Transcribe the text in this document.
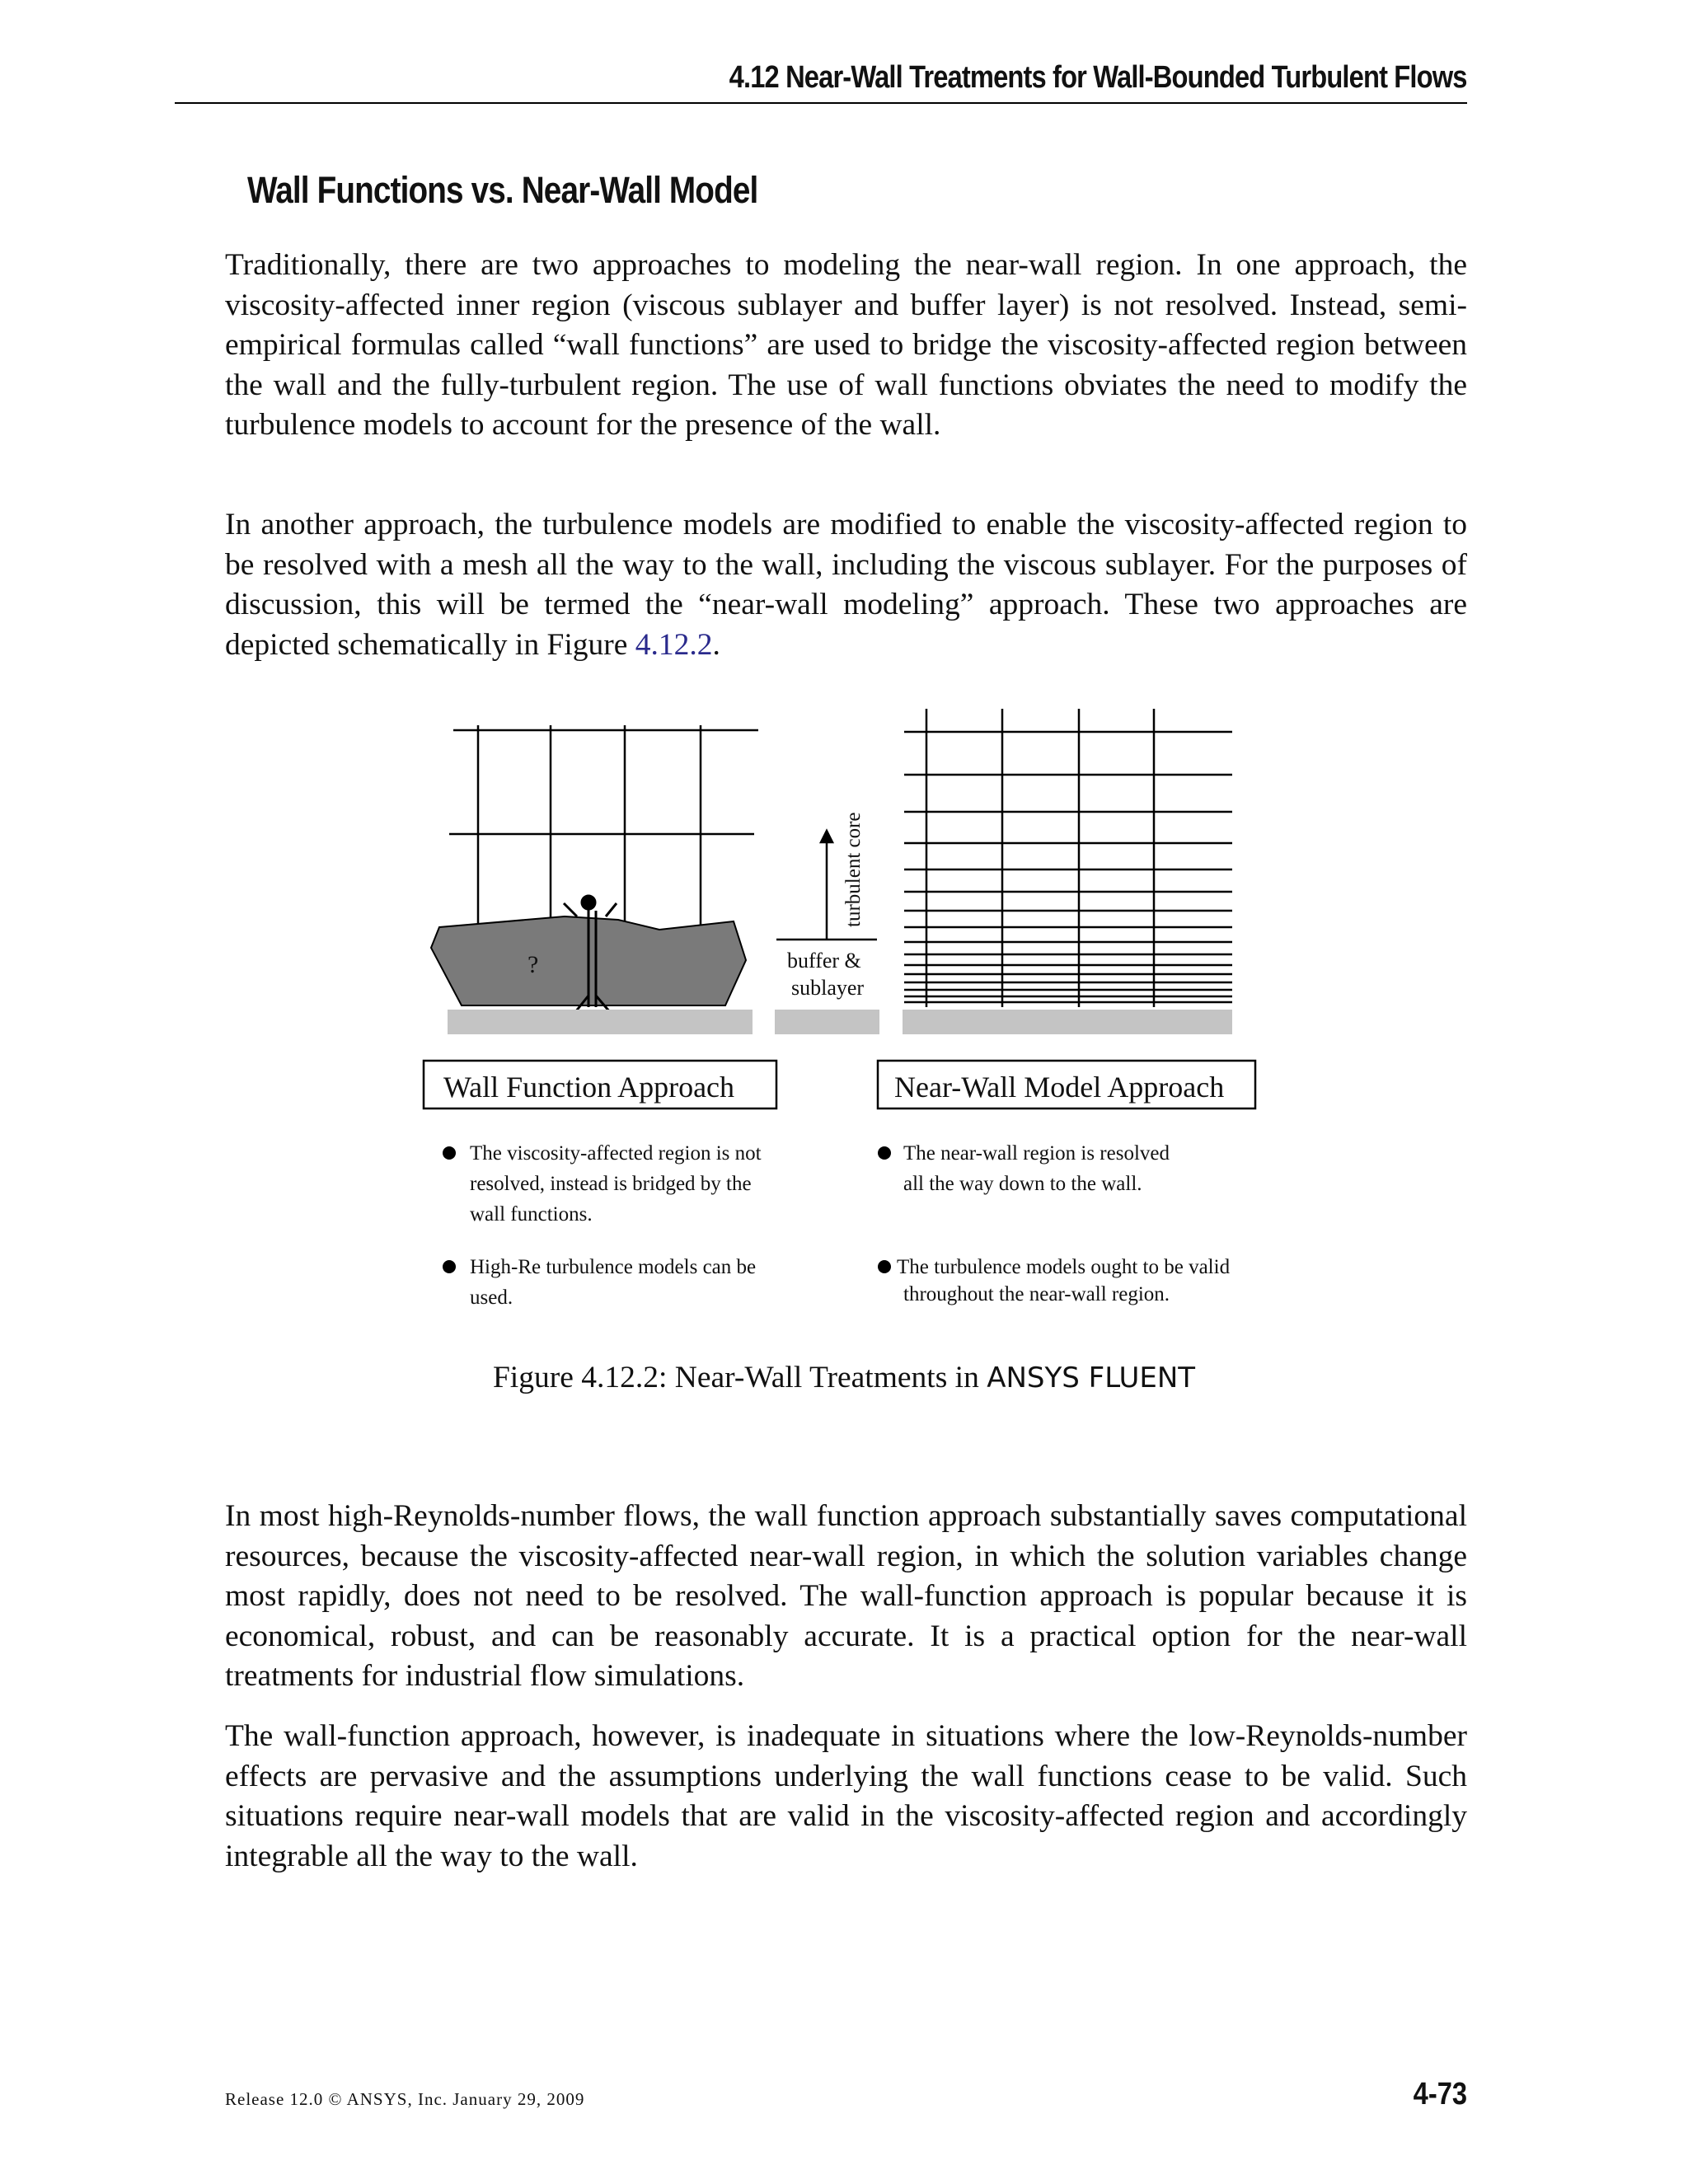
4.12 Near-Wall Treatments for Wall-Bounded Turbulent Flows
Wall Functions vs. Near-Wall Model

Traditionally, there are two approaches to modeling the near-wall region. In one approach, the viscosity-affected inner region (viscous sublayer and buffer layer) is not resolved. Instead, semi-empirical formulas called “wall functions” are used to bridge the viscosity-affected region between the wall and the fully-turbulent region. The use of wall functions obviates the need to modify the turbulence models to account for the presence of the wall.

In another approach, the turbulence models are modified to enable the viscosity-affected region to be resolved with a mesh all the way to the wall, including the viscous sublayer. For the purposes of discussion, this will be termed the “near-wall modeling” approach. These two approaches are depicted schematically in Figure 4.12.2.

?
turbulent core
buffer &
sublayer
Wall Function Approach	Near-Wall Model Approach
The viscosity-affected region is not
resolved, instead is bridged by the
wall functions.
High-Re turbulence models can be
used.
The near-wall region is resolved
all the way down to the wall.
The turbulence models ought to be valid
throughout the near-wall region.
Figure 4.12.2: Near-Wall Treatments in ANSYS FLUENT

In most high-Reynolds-number flows, the wall function approach substantially saves computational resources, because the viscosity-affected near-wall region, in which the solution variables change most rapidly, does not need to be resolved. The wall-function approach is popular because it is economical, robust, and can be reasonably accurate. It is a practical option for the near-wall treatments for industrial flow simulations.

The wall-function approach, however, is inadequate in situations where the low-Reynolds-number effects are pervasive and the assumptions underlying the wall functions cease to be valid. Such situations require near-wall models that are valid in the viscosity-affected region and accordingly integrable all the way to the wall.

Release 12.0 © ANSYS, Inc. January 29, 2009	4-73
